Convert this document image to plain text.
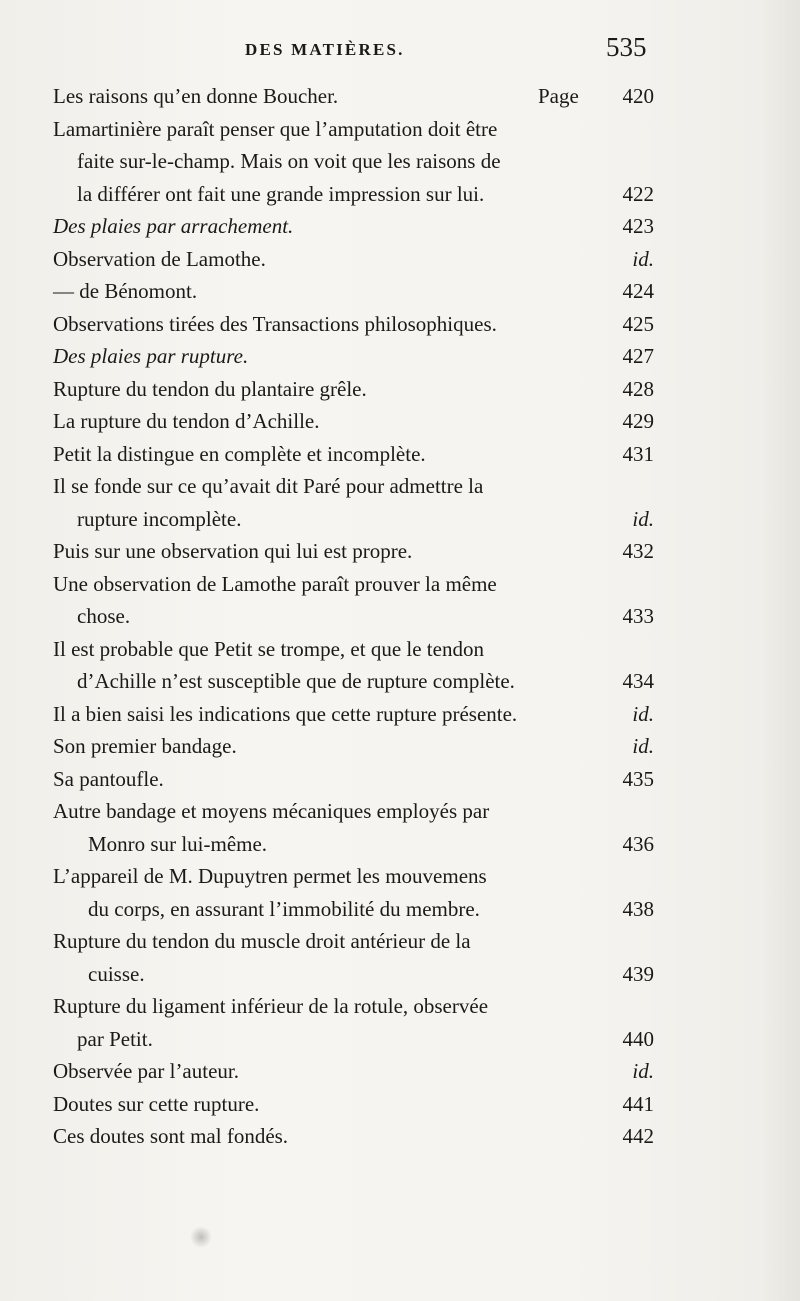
DES MATIÈRES.	535
Les raisons qu’en donne Boucher.	Page 420
Lamartinière paraît penser que l’amputation doit être
faite sur-le-champ. Mais on voit que les raisons de
la différer ont fait une grande impression sur lui.	422
Des plaies par arrachement.	423
Observation de Lamothe.	id.
— de Bénomont.	424
Observations tirées des Transactions philosophiques.	425
Des plaies par rupture.	427
Rupture du tendon du plantaire grêle.	428
La rupture du tendon d’Achille.	429
Petit la distingue en complète et incomplète.	431
Il se fonde sur ce qu’avait dit Paré pour admettre la
rupture incomplète.	id.
Puis sur une observation qui lui est propre.	432
Une observation de Lamothe paraît prouver la même
chose.	433
Il est probable que Petit se trompe, et que le tendon
d’Achille n’est susceptible que de rupture complète.	434
Il a bien saisi les indications que cette rupture présente.	id.
Son premier bandage.	id.
Sa pantoufle.	435
Autre bandage et moyens mécaniques employés par
Monro sur lui-même.	436
L’appareil de M. Dupuytren permet les mouvemens
du corps, en assurant l’immobilité du membre.	438
Rupture du tendon du muscle droit antérieur de la
cuisse.	439
Rupture du ligament inférieur de la rotule, observée
par Petit.	440
Observée par l’auteur.	id.
Doutes sur cette rupture.	441
Ces doutes sont mal fondés.	442
